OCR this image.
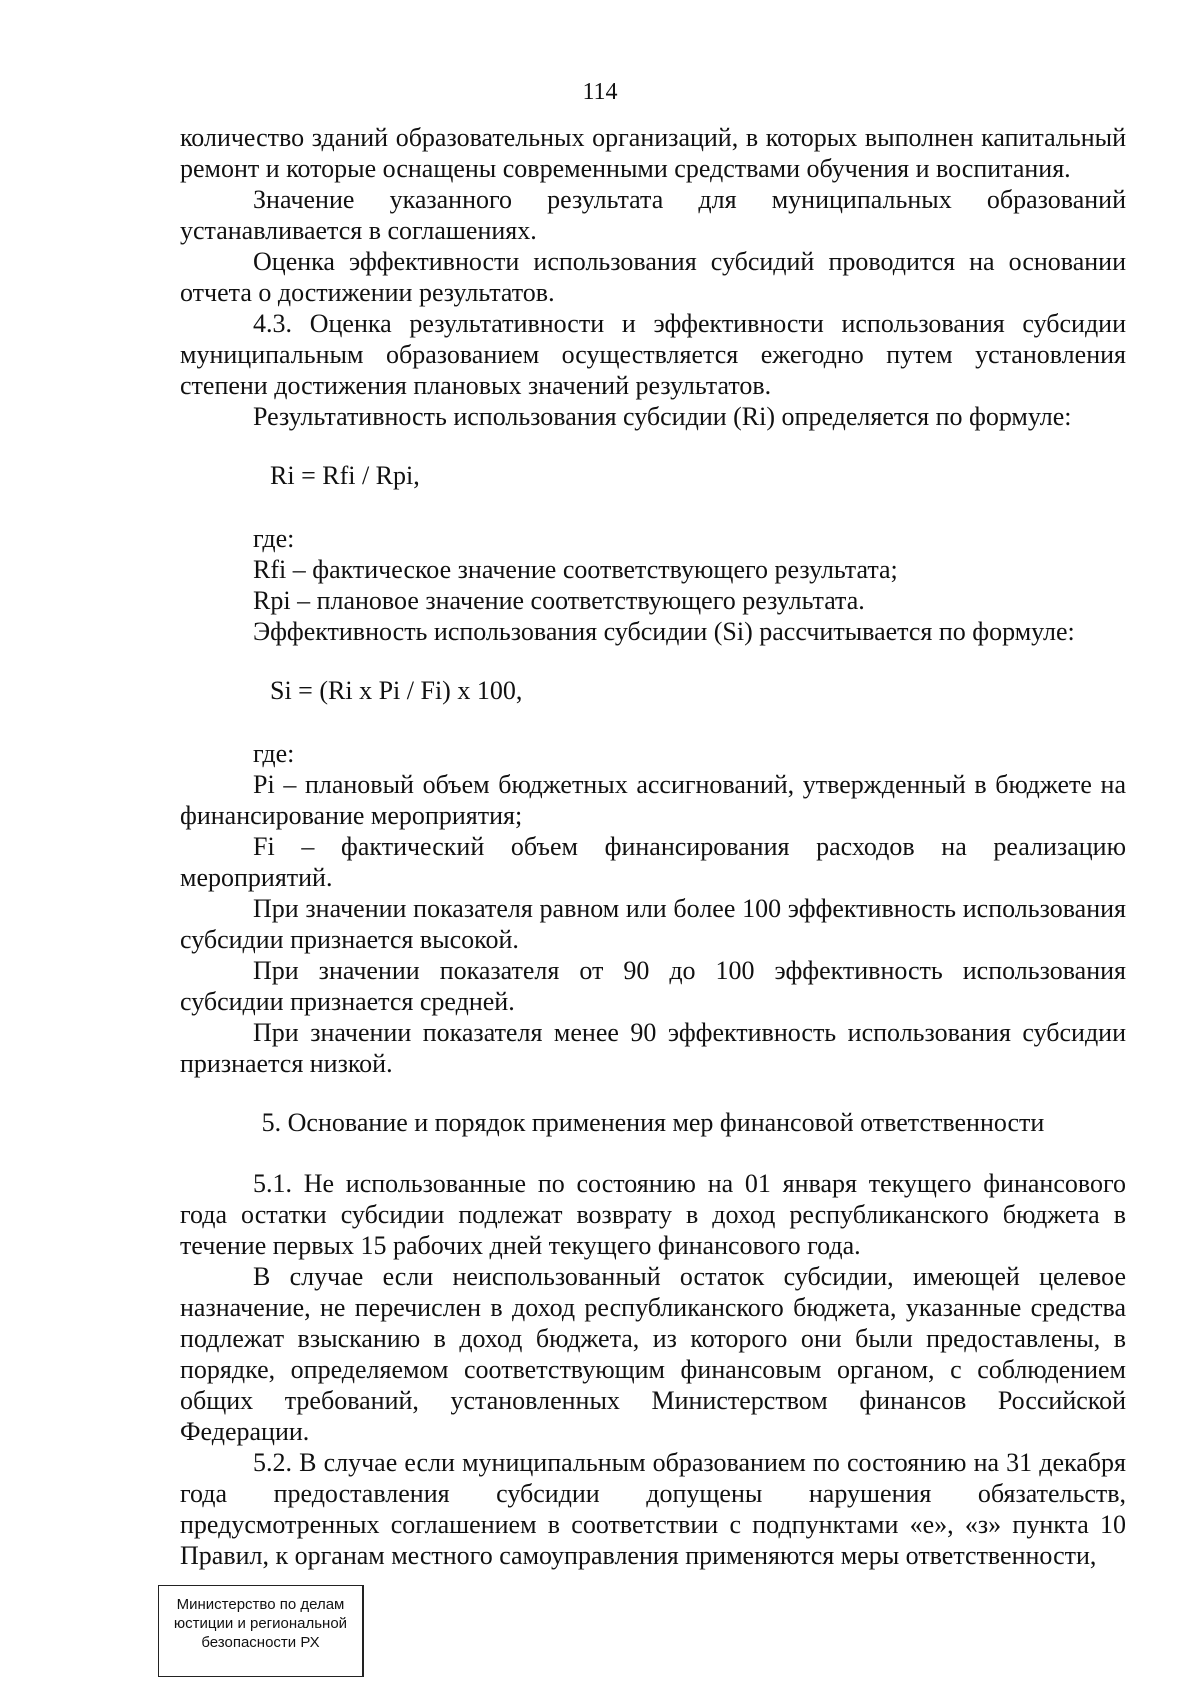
114

количество зданий образовательных организаций, в которых выполнен капитальный ремонт и которые оснащены современными средствами обучения и воспитания.

Значение указанного результата для муниципальных образований устанавливается в соглашениях.

Оценка эффективности использования субсидий проводится на основании отчета о достижении результатов.

4.3. Оценка результативности и эффективности использования субсидии муниципальным образованием осуществляется ежегодно путем установления степени достижения плановых значений результатов.

Результативность использования субсидии (Ri) определяется по формуле:

Ri = Rfi / Rpi,

где:

Rfi – фактическое значение соответствующего результата;

Rpi – плановое значение соответствующего результата.

Эффективность использования субсидии (Si) рассчитывается по формуле:

Si = (Ri x Pi / Fi) x 100,

где:

Pi – плановый объем бюджетных ассигнований, утвержденный в бюджете на финансирование мероприятия;

Fi – фактический объем финансирования расходов на реализацию мероприятий.

При значении показателя равном или более 100 эффективность использования субсидии признается высокой.

При значении показателя от 90 до 100 эффективность использования субсидии признается средней.

При значении показателя менее 90 эффективность использования субсидии признается низкой.

5. Основание и порядок применения мер финансовой ответственности

5.1. Не использованные по состоянию на 01 января текущего финансового года остатки субсидии подлежат возврату в доход республиканского бюджета в течение первых 15 рабочих дней текущего финансового года.

В случае если неиспользованный остаток субсидии, имеющей целевое назначение, не перечислен в доход республиканского бюджета, указанные средства подлежат взысканию в доход бюджета, из которого они были предоставлены, в порядке, определяемом соответствующим финансовым органом, с соблюдением общих требований, установленных Министерством финансов Российской Федерации.

5.2. В случае если муниципальным образованием по состоянию на 31 декабря года предоставления субсидии допущены нарушения обязательств, предусмотренных соглашением в соответствии с подпунктами «е», «з» пункта 10 Правил, к органам местного самоуправления применяются меры ответственности,

Министерство по делам
юстиции и региональной
безопасности РХ
